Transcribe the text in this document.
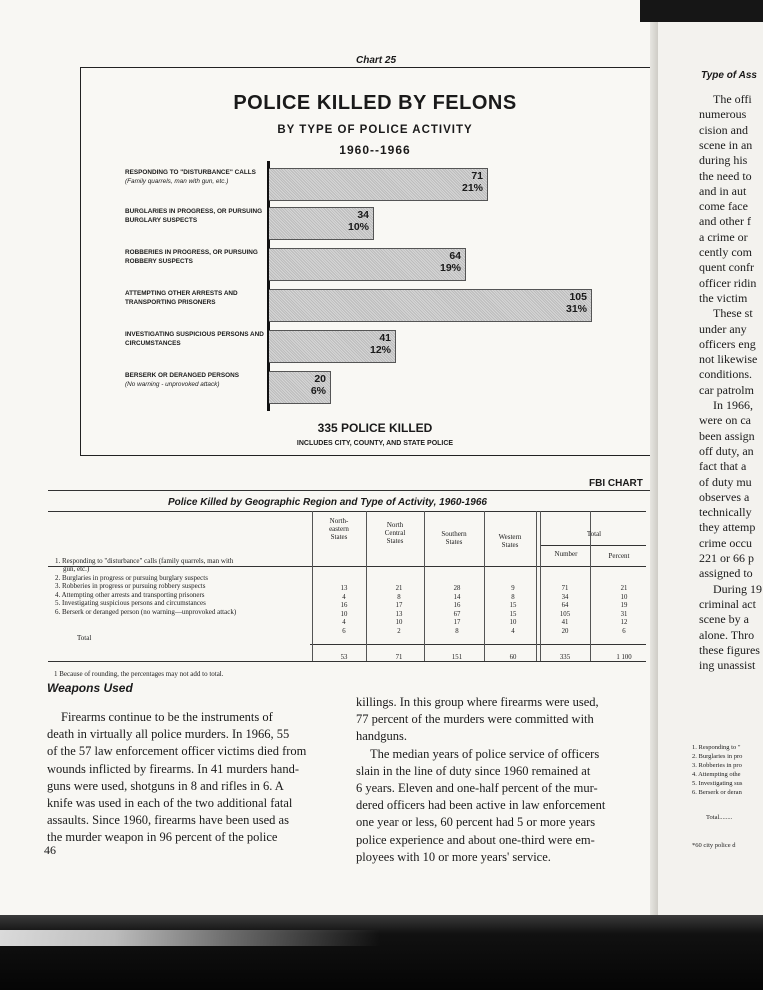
Chart 25
POLICE KILLED BY FELONS
BY TYPE OF POLICE ACTIVITY
1960--1966
RESPONDING TO "DISTURBANCE" CALLS
(Family quarrels, man with gun, etc.)	71

21%
BURGLARIES IN PROGRESS, OR PURSUING BURGLARY SUSPECTS	34

10%
ROBBERIES IN PROGRESS, OR PURSUING ROBBERY SUSPECTS	64

19%
ATTEMPTING OTHER ARRESTS AND TRANSPORTING PRISONERS	105

31%
INVESTIGATING SUSPICIOUS PERSONS AND CIRCUMSTANCES	41

12%
BERSERK OR DERANGED PERSONS
(No warning - unprovoked attack)	20

6%
335 POLICE KILLED
INCLUDES CITY, COUNTY, AND STATE POLICE
FBI CHART
Police Killed by Geographic Region and Type of Activity, 1960-1966
North-
eastern
States
North
Central
States
Southern
States
Western
States
Total
Number	Percent
1. Responding to "disturbance" calls (family quarrels, man with
gun, etc.)
13	21	28	9	71	21
2. Burglaries in progress or pursuing burglary suspects
4	8	14	8	34	10
3. Robberies in progress or pursuing robbery suspects
16	17	16	15	64	19
4. Attempting other arrests and transporting prisoners
10	13	67	15	105	31
5. Investigating suspicious persons and circumstances
4	10	17	10	41	12
6. Berserk or deranged person (no warning—unprovoked attack)
6	2	8	4	20	6
Total
53	71	151	60	335	1 100
1 Because of rounding, the percentages may not add to total.
Weapons Used
Firearms continue to be the instruments of
death in virtually all police murders. In 1966, 55
of the 57 law enforcement officer victims died from
wounds inflicted by firearms. In 41 murders hand-
guns were used, shotguns in 8 and rifles in 6. A
knife was used in each of the two additional fatal
assaults. Since 1960, firearms have been used as
the murder weapon in 96 percent of the police
killings. In this group where firearms were used,
77 percent of the murders were committed with
handguns.
The median years of police service of officers
slain in the line of duty since 1960 remained at
6 years. Eleven and one-half percent of the mur-
dered officers had been active in law enforcement
one year or less, 60 percent had 5 or more years
police experience and about one-third were em-
ployees with 10 or more years' service.
46
Type of Ass
The offi
numerous
cision and
scene in an
during his
the need to
and in aut
come face
and other f
a crime or
cently com
quent confr
officer ridin
the victim
These st
under any
officers eng
not likewise
conditions.
car patrolm
In 1966,
were on ca
been assign
off duty, an
fact that a
of duty mu
observes a
technically
they attemp
crime occu
221 or 66 p
assigned to
During 19
criminal act
scene by a
alone. Thro
these figures
ing unassist
1. Responding to "
2. Burglaries in pro
3. Robberies in pro
4. Attempting othe
5. Investigating sus
6. Berserk or deran
Total........
*60 city police d
